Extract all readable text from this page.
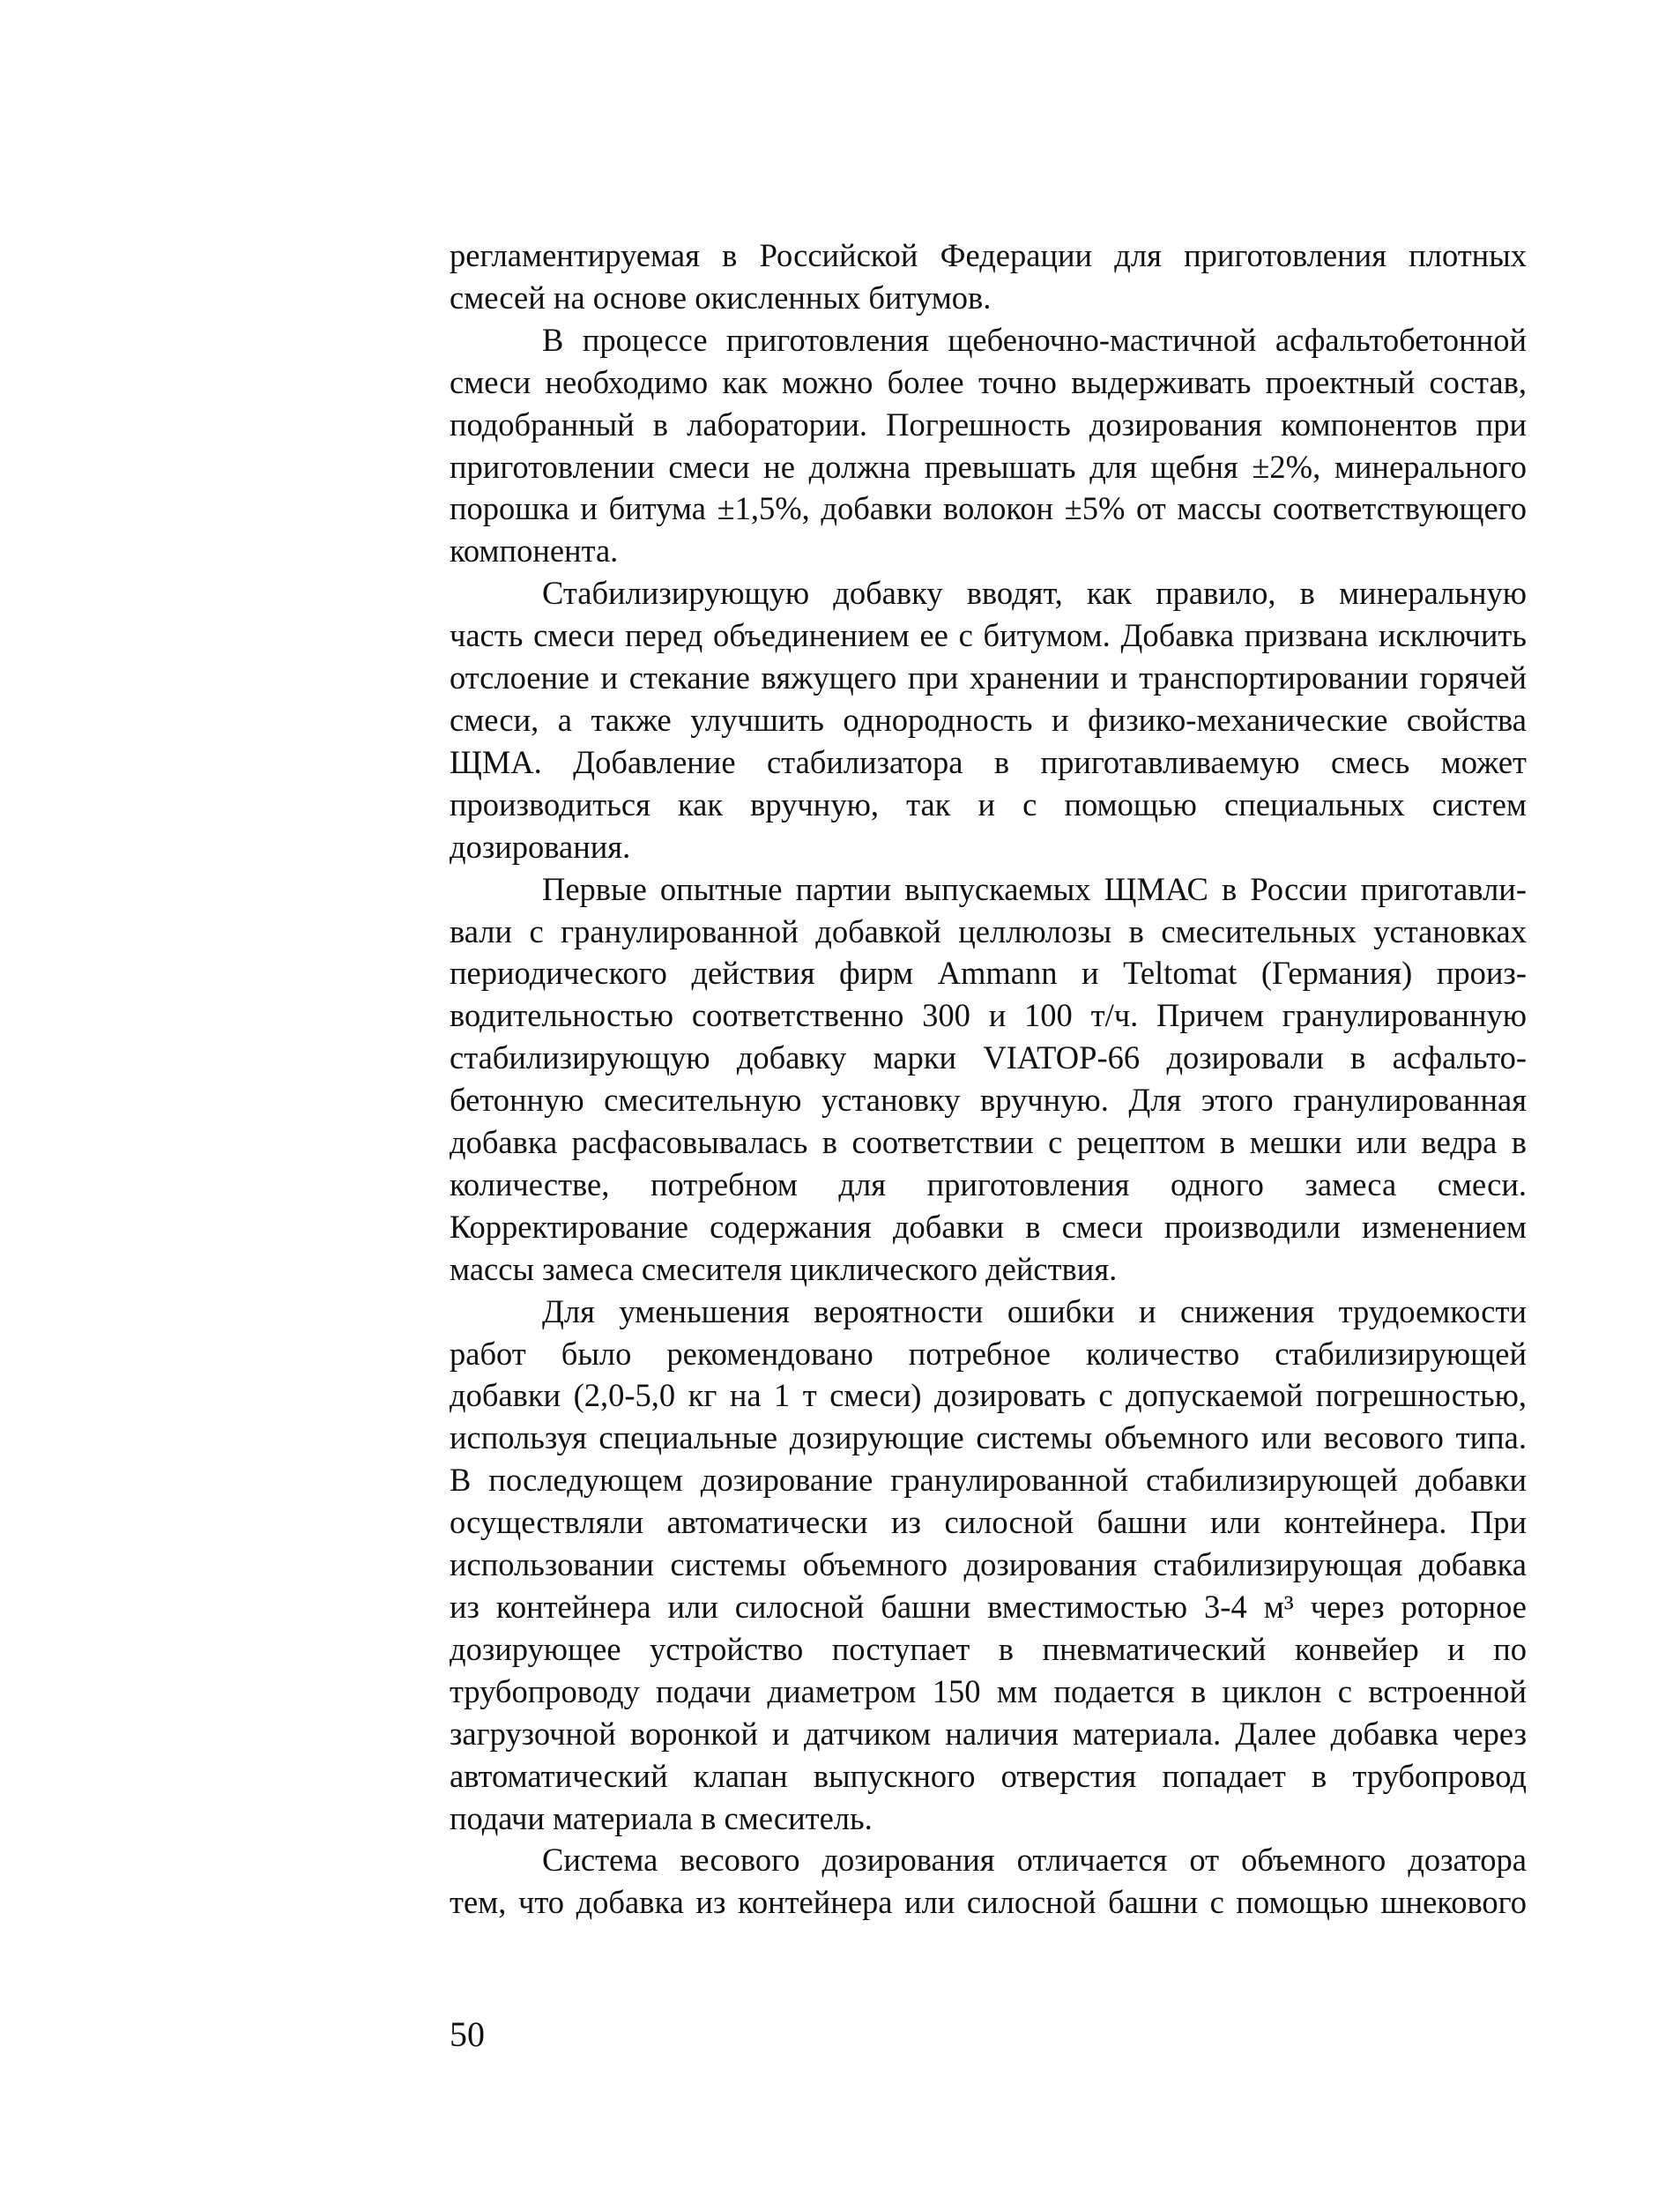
регламентируемая в Российской Федерации для приготовления плотных
смесей на основе окисленных битумов.

В процессе приготовления щебеночно-мастичной асфальтобетонной
смеси необходимо как можно более точно выдерживать проектный состав,
подобранный в лаборатории. Погрешность дозирования компонентов при
приготовлении смеси не должна превышать для щебня ±2%, минерального
порошка и битума ±1,5%, добавки волокон ±5% от массы соответствующего
компонента.

Стабилизирующую добавку вводят, как правило, в минеральную
часть смеси перед объединением ее с битумом. Добавка призвана исключить
отслоение и стекание вяжущего при хранении и транспортировании горячей
смеси, а также улучшить однородность и физико-механические свойства
ЩМА. Добавление стабилизатора в приготавливаемую смесь может
производиться как вручную, так и с помощью специальных систем
дозирования.

Первые опытные партии выпускаемых ЩМАС в России приготавли-
вали с гранулированной добавкой целлюлозы в смесительных установках
периодического действия фирм Ammann и Teltomat (Германия) произ-
водительностью соответственно 300 и 100 т/ч. Причем гранулированную
стабилизирующую добавку марки VIATOP-66 дозировали в асфальто-
бетонную смесительную установку вручную. Для этого гранулированная
добавка расфасовывалась в соответствии с рецептом в мешки или ведра в
количестве, потребном для приготовления одного замеса смеси.
Корректирование содержания добавки в смеси производили изменением
массы замеса смесителя циклического действия.

Для уменьшения вероятности ошибки и снижения трудоемкости
работ было рекомендовано потребное количество стабилизирующей
добавки (2,0-5,0 кг на 1 т смеси) дозировать с допускаемой погрешностью,
используя специальные дозирующие системы объемного или весового типа.
В последующем дозирование гранулированной стабилизирующей добавки
осуществляли автоматически из силосной башни или контейнера. При
использовании системы объемного дозирования стабилизирующая добавка
из контейнера или силосной башни вместимостью 3-4 м³ через роторное
дозирующее устройство поступает в пневматический конвейер и по
трубопроводу подачи диаметром 150 мм подается в циклон с встроенной
загрузочной воронкой и датчиком наличия материала. Далее добавка через
автоматический клапан выпускного отверстия попадает в трубопровод
подачи материала в смеситель.

Система весового дозирования отличается от объемного дозатора
тем, что добавка из контейнера или силосной башни с помощью шнекового

50
